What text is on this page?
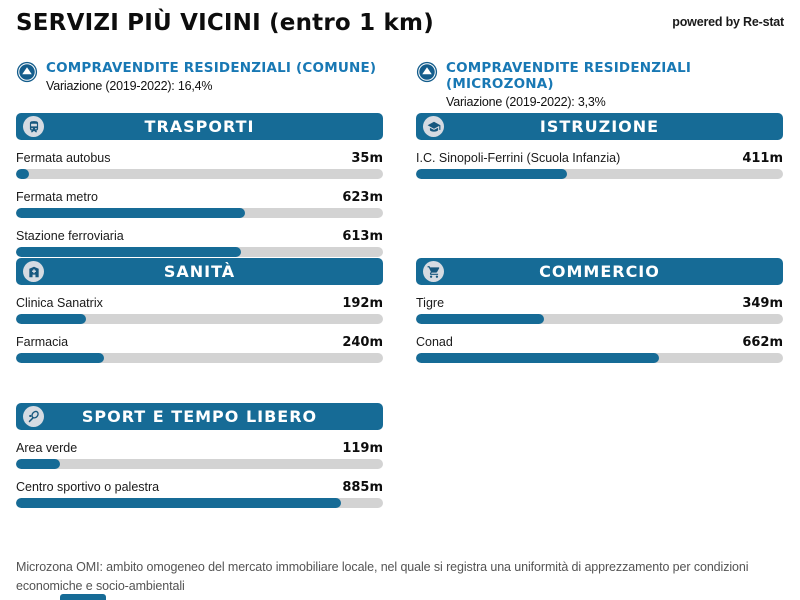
SERVIZI PIÙ VICINI (entro 1 km)	powered by Re-stat
COMPRAVENDITE RESIDENZIALI (COMUNE)
Variazione (2019-2022): 16,4%
COMPRAVENDITE RESIDENZIALI (MICROZONA)
Variazione (2019-2022): 3,3%
TRASPORTI
Fermata autobus	35m
Fermata metro	623m
Stazione ferroviaria	613m
ISTRUZIONE
I.C. Sinopoli-Ferrini (Scuola Infanzia)	411m
SANITÀ
Clinica Sanatrix	192m
Farmacia	240m
COMMERCIO
Tigre	349m
Conad	662m
SPORT E TEMPO LIBERO
Area verde	119m
Centro sportivo o palestra	885m
Microzona OMI: ambito omogeneo del mercato immobiliare locale, nel quale si registra una uniformità di apprezzamento per condizioni economiche e socio-ambientali
